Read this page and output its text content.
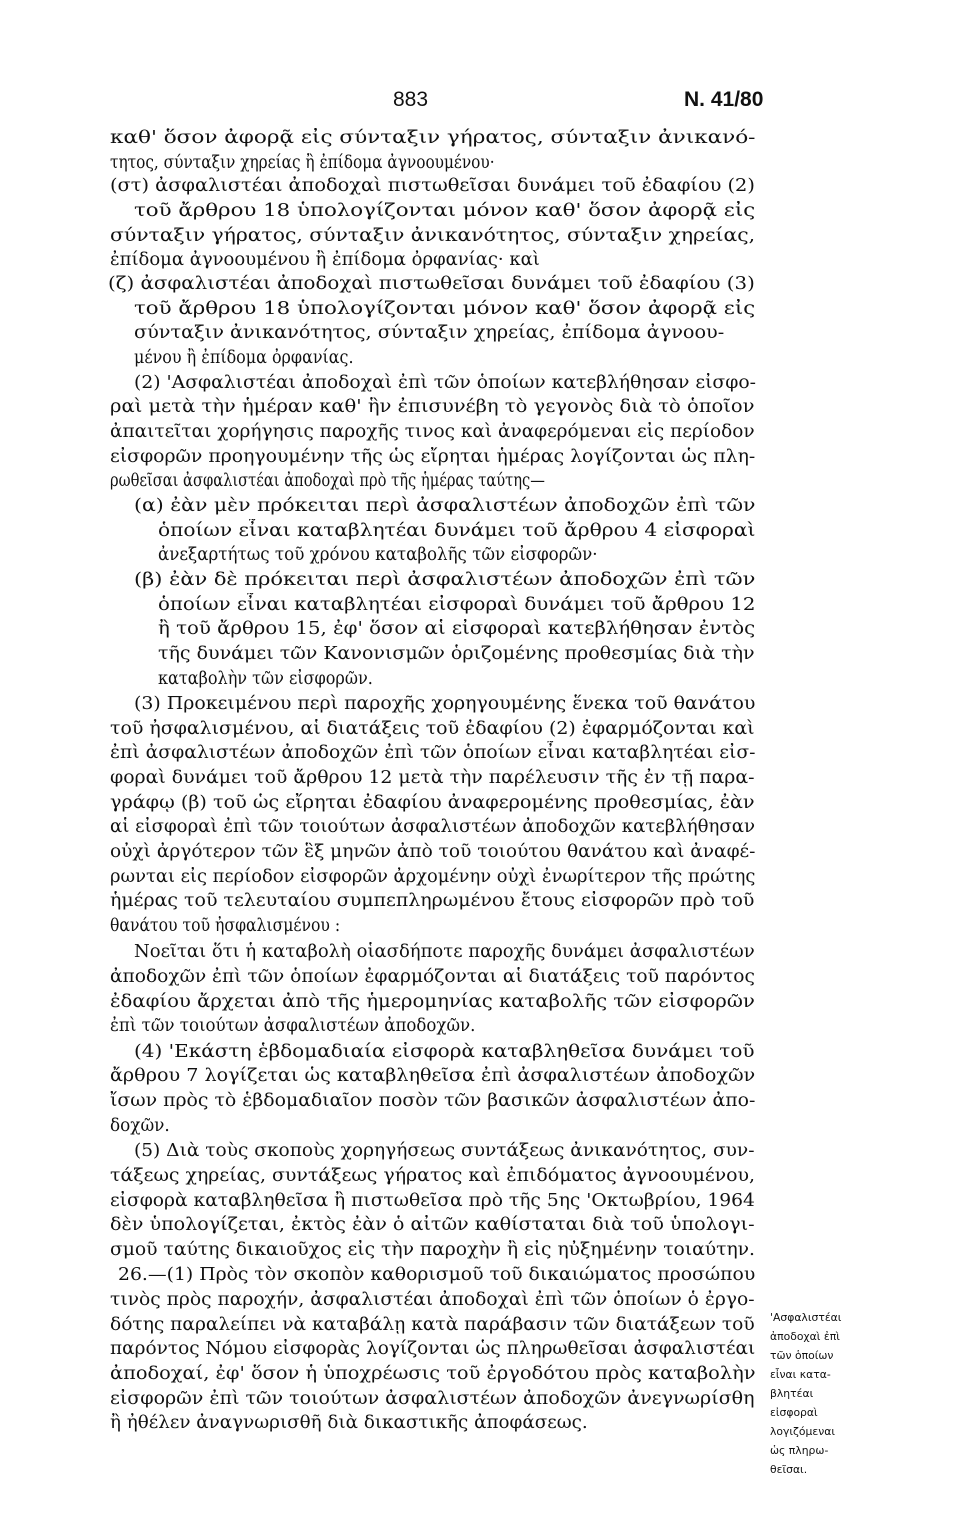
883	N. 41/80
καθ' ὅσον ἀφορᾷ εἰς σύνταξιν γήρατος, σύνταξιν ἀνικανό-
τητος, σύνταξιν χηρείας ἢ ἐπίδομα ἀγνοουμένου·
(στ) ἀσφαλιστέαι ἀποδοχαὶ πιστωθεῖσαι δυνάμει τοῦ ἐδαφίου (2)
τοῦ ἄρθρου 18 ὑπολογίζονται μόνον καθ' ὅσον ἀφορᾷ εἰς
σύνταξιν γήρατος, σύνταξιν ἀνικανότητος, σύνταξιν χηρείας,
ἐπίδομα ἀγνοουμένου ἢ ἐπίδομα ὀρφανίας· καὶ
(ζ) ἀσφαλιστέαι ἀποδοχαὶ πιστωθεῖσαι δυνάμει τοῦ ἐδαφίου (3)
τοῦ ἄρθρου 18 ὑπολογίζονται μόνον καθ' ὅσον ἀφορᾷ εἰς
σύνταξιν ἀνικανότητος, σύνταξιν χηρείας, ἐπίδομα ἀγνοου-
μένου ἢ ἐπίδομα ὀρφανίας.
(2) 'Ασφαλιστέαι ἀποδοχαὶ ἐπὶ τῶν ὁποίων κατεβλήθησαν εἰσφο-
ραὶ μετὰ τὴν ἡμέραν καθ' ἣν ἐπισυνέβη τὸ γεγονὸς διὰ τὸ ὁποῖον
ἀπαιτεῖται χορήγησις παροχῆς τινος καὶ ἀναφερόμεναι εἰς περίοδον
εἰσφορῶν προηγουμένην τῆς ὡς εἴρηται ἡμέρας λογίζονται ὡς πλη-
ρωθεῖσαι ἀσφαλιστέαι ἀποδοχαὶ πρὸ τῆς ἡμέρας ταύτης—
(α) ἐὰν μὲν πρόκειται περὶ ἀσφαλιστέων ἀποδοχῶν ἐπὶ τῶν
ὁποίων εἶναι καταβλητέαι δυνάμει τοῦ ἄρθρου 4 εἰσφοραὶ
ἀνεξαρτήτως τοῦ χρόνου καταβολῆς τῶν εἰσφορῶν·
(β) ἐὰν δὲ πρόκειται περὶ ἀσφαλιστέων ἀποδοχῶν ἐπὶ τῶν
ὁποίων εἶναι καταβλητέαι εἰσφοραὶ δυνάμει τοῦ ἄρθρου 12
ἢ τοῦ ἄρθρου 15, ἐφ' ὅσον αἱ εἰσφοραὶ κατεβλήθησαν ἐντὸς
τῆς δυνάμει τῶν Κανονισμῶν ὁριζομένης προθεσμίας διὰ τὴν
καταβολὴν τῶν εἰσφορῶν.
(3) Προκειμένου περὶ παροχῆς χορηγουμένης ἕνεκα τοῦ θανάτου
τοῦ ἠσφαλισμένου, αἱ διατάξεις τοῦ ἐδαφίου (2) ἐφαρμόζονται καὶ
ἐπὶ ἀσφαλιστέων ἀποδοχῶν ἐπὶ τῶν ὁποίων εἶναι καταβλητέαι εἰσ-
φοραὶ δυνάμει τοῦ ἄρθρου 12 μετὰ τὴν παρέλευσιν τῆς ἐν τῇ παρα-
γράφῳ (β) τοῦ ὡς εἴρηται ἐδαφίου ἀναφερομένης προθεσμίας, ἐὰν
αἱ εἰσφοραὶ ἐπὶ τῶν τοιούτων ἀσφαλιστέων ἀποδοχῶν κατεβλήθησαν
οὐχὶ ἀργότερον τῶν ἓξ μηνῶν ἀπὸ τοῦ τοιούτου θανάτου καὶ ἀναφέ-
ρωνται εἰς περίοδον εἰσφορῶν ἀρχομένην οὐχὶ ἐνωρίτερον τῆς πρώτης
ἡμέρας τοῦ τελευταίου συμπεπληρωμένου ἔτους εἰσφορῶν πρὸ τοῦ
θανάτου τοῦ ἠσφαλισμένου :
Νοεῖται ὅτι ἡ καταβολὴ οἱασδήποτε παροχῆς δυνάμει ἀσφαλιστέων
ἀποδοχῶν ἐπὶ τῶν ὁποίων ἐφαρμόζονται αἱ διατάξεις τοῦ παρόντος
ἐδαφίου ἄρχεται ἀπὸ τῆς ἡμερομηνίας καταβολῆς τῶν εἰσφορῶν
ἐπὶ τῶν τοιούτων ἀσφαλιστέων ἀποδοχῶν.
(4) 'Εκάστη ἑβδομαδιαία εἰσφορὰ καταβληθεῖσα δυνάμει τοῦ
ἄρθρου 7 λογίζεται ὡς καταβληθεῖσα ἐπὶ ἀσφαλιστέων ἀποδοχῶν
ἴσων πρὸς τὸ ἑβδομαδιαῖον ποσὸν τῶν βασικῶν ἀσφαλιστέων ἀπο-
δοχῶν.
(5) Διὰ τοὺς σκοποὺς χορηγήσεως συντάξεως ἀνικανότητος, συν-
τάξεως χηρείας, συντάξεως γήρατος καὶ ἐπιδόματος ἀγνοουμένου,
εἰσφορὰ καταβληθεῖσα ἢ πιστωθεῖσα πρὸ τῆς 5ης 'Οκτωβρίου, 1964
δὲν ὑπολογίζεται, ἐκτὸς ἐὰν ὁ αἰτῶν καθίσταται διὰ τοῦ ὑπολογι-
σμοῦ ταύτης δικαιοῦχος εἰς τὴν παροχὴν ἢ εἰς ηὐξημένην τοιαύτην.
26.—(1) Πρὸς τὸν σκοπὸν καθορισμοῦ τοῦ δικαιώματος προσώπου
τινὸς πρὸς παροχήν, ἀσφαλιστέαι ἀποδοχαὶ ἐπὶ τῶν ὁποίων ὁ ἐργο-
δότης παραλείπει νὰ καταβάλῃ κατὰ παράβασιν τῶν διατάξεων τοῦ
παρόντος Νόμου εἰσφορὰς λογίζονται ὡς πληρωθεῖσαι ἀσφαλιστέαι
ἀποδοχαί, ἐφ' ὅσον ἡ ὑποχρέωσις τοῦ ἐργοδότου πρὸς καταβολὴν
εἰσφορῶν ἐπὶ τῶν τοιούτων ἀσφαλιστέων ἀποδοχῶν ἀνεγνωρίσθη
ἢ ἠθέλεν ἀναγνωρισθῆ διὰ δικαστικῆς ἀποφάσεως.
'Ασφαλιστέαι
ἀποδοχαὶ ἐπὶ
τῶν ὁποίων
εἶναι κατα-
βλητέαι
εἰσφοραὶ
λογιζόμεναι
ὡς πληρω-
θεῖσαι.
